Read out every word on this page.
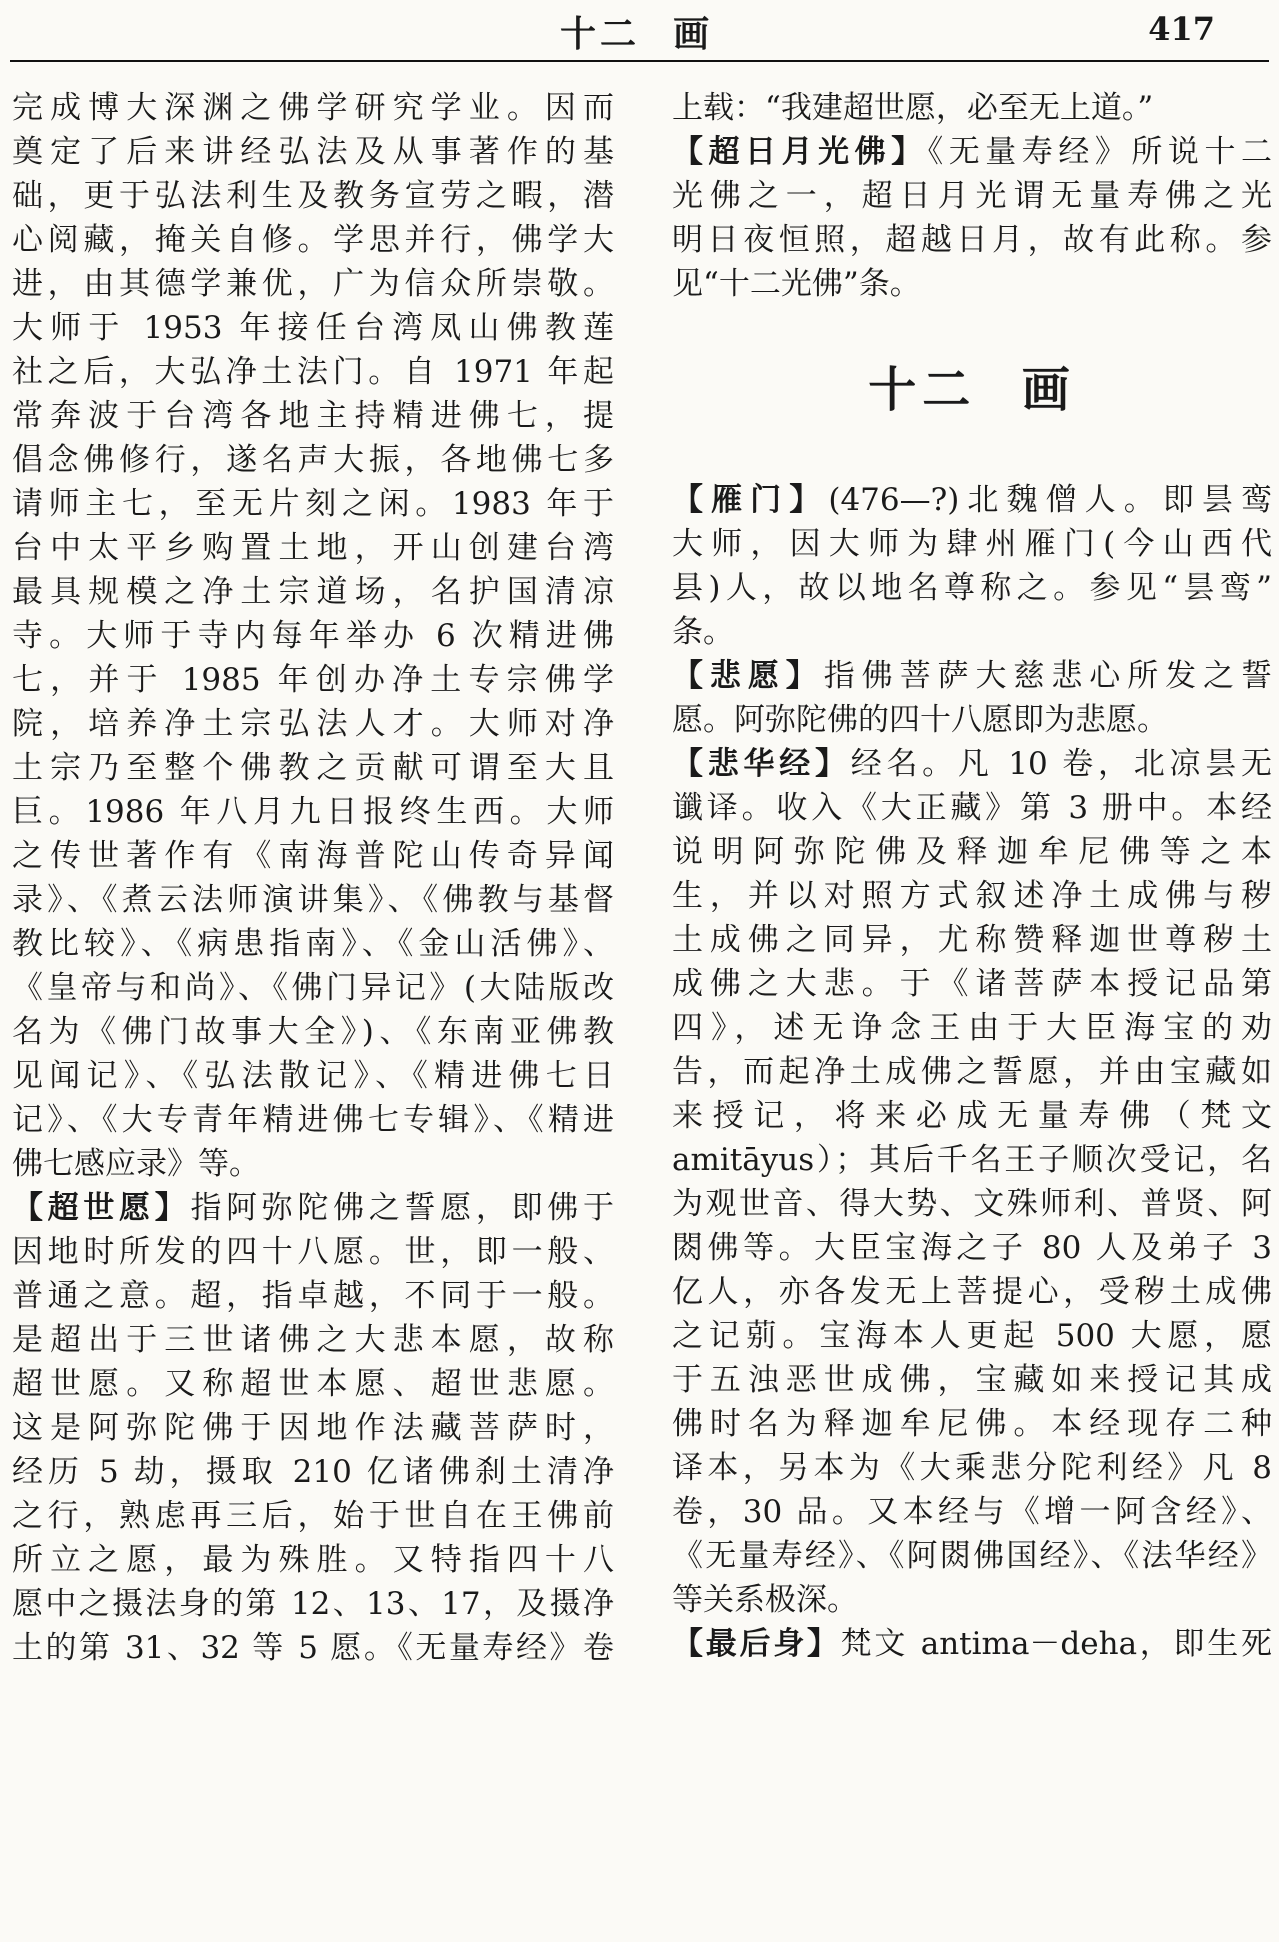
十二  画	417
完成博大深渊之佛学研究学业。因而
奠定了后来讲经弘法及从事著作的基
础，更于弘法利生及教务宣劳之暇，潜
心阅藏，掩关自修。学思并行，佛学大
进，由其德学兼优，广为信众所崇敬。
大师于 1953 年接任台湾凤山佛教莲
社之后，大弘净土法门。自 1971 年起
常奔波于台湾各地主持精进佛七，提
倡念佛修行，遂名声大振，各地佛七多
请师主七，至无片刻之闲。1983 年于
台中太平乡购置土地，开山创建台湾
最具规模之净土宗道场，名护国清凉
寺。大师于寺内每年举办 6 次精进佛
七，并于 1985 年创办净土专宗佛学
院，培养净土宗弘法人才。大师对净
土宗乃至整个佛教之贡献可谓至大且
巨。1986 年八月九日报终生西。大师
之传世著作有《南海普陀山传奇异闻
录》、《煮云法师演讲集》、《佛教与基督
教比较》、《病患指南》、《金山活佛》、
《皇帝与和尚》、《佛门异记》(大陆版改
名为《佛门故事大全》)、《东南亚佛教
见闻记》、《弘法散记》、《精进佛七日
记》、《大专青年精进佛七专辑》、《精进
佛七感应录》等。
【超世愿】指阿弥陀佛之誓愿，即佛于
因地时所发的四十八愿。世，即一般、
普通之意。超，指卓越，不同于一般。
是超出于三世诸佛之大悲本愿，故称
超世愿。又称超世本愿、超世悲愿。
这是阿弥陀佛于因地作法藏菩萨时，
经历 5 劫，摄取 210 亿诸佛刹土清净
之行，熟虑再三后，始于世自在王佛前
所立之愿，最为殊胜。又特指四十八
愿中之摄法身的第 12、13、17，及摄净
土的第 31、32 等 5 愿。《无量寿经》卷
上载：“我建超世愿，必至无上道。”
【超日月光佛】《无量寿经》所说十二
光佛之一，超日月光谓无量寿佛之光
明日夜恒照，超越日月，故有此称。参
见“十二光佛”条。
十二  画
【雁门】(476—?)北魏僧人。即昙鸾
大师，因大师为肆州雁门(今山西代
县)人，故以地名尊称之。参见“昙鸾”
条。
【悲愿】指佛菩萨大慈悲心所发之誓
愿。阿弥陀佛的四十八愿即为悲愿。
【悲华经】经名。凡 10 卷，北凉昙无
谶译。收入《大正藏》第 3 册中。本经
说明阿弥陀佛及释迦牟尼佛等之本
生，并以对照方式叙述净土成佛与秽
土成佛之同异，尤称赞释迦世尊秽土
成佛之大悲。于《诸菩萨本授记品第
四》，述无诤念王由于大臣海宝的劝
告，而起净土成佛之誓愿，并由宝藏如
来授记，将来必成无量寿佛（梵文
amitāyus）；其后千名王子顺次受记，名
为观世音、得大势、文殊师利、普贤、阿
閦佛等。大臣宝海之子 80 人及弟子 3
亿人，亦各发无上菩提心，受秽土成佛
之记莂。宝海本人更起 500 大愿，愿
于五浊恶世成佛，宝藏如来授记其成
佛时名为释迦牟尼佛。本经现存二种
译本，另本为《大乘悲分陀利经》凡 8
卷，30 品。又本经与《增一阿含经》、
《无量寿经》、《阿閦佛国经》、《法华经》
等关系极深。
【最后身】梵文 antima－deha，即生死
